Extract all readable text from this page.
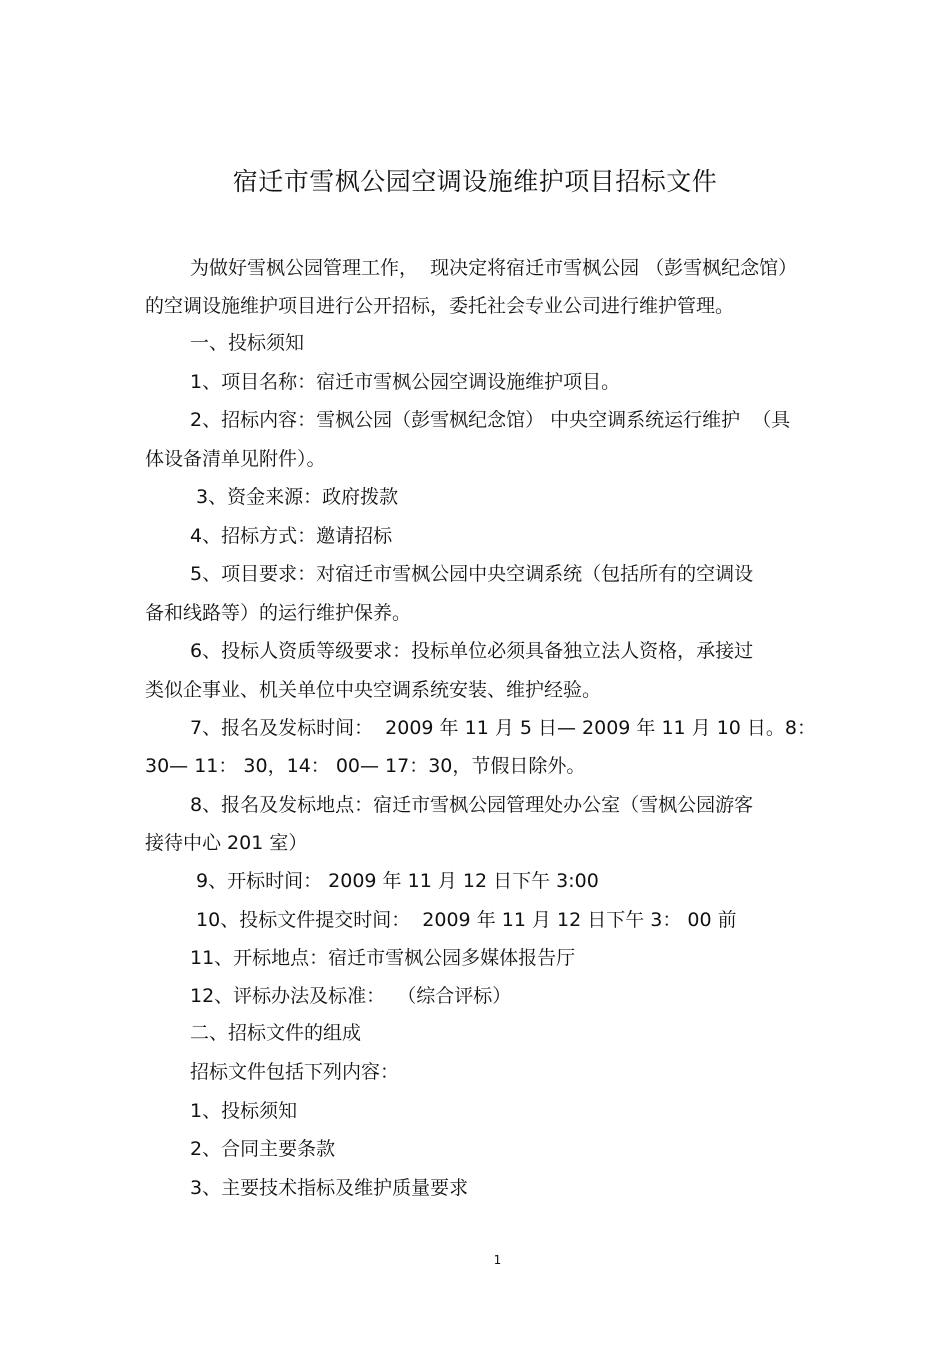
宿迁市雪枫公园空调设施维护项目招标文件
为做好雪枫公园管理工作，  现决定将宿迁市雪枫公园 （彭雪枫纪念馆）
的空调设施维护项目进行公开招标，委托社会专业公司进行维护管理。
一、投标须知
1、项目名称：宿迁市雪枫公园空调设施维护项目。
2、招标内容：雪枫公园（彭雪枫纪念馆） 中央空调系统运行维护  （具
体设备清单见附件）。
3、资金来源：政府拨款
4、招标方式：邀请招标
5、项目要求：对宿迁市雪枫公园中央空调系统（包括所有的空调设
备和线路等）的运行维护保养。
6、投标人资质等级要求：投标单位必须具备独立法人资格，承接过
类似企事业、机关单位中央空调系统安装、维护经验。
7、报名及发标时间：  2009 年 11 月 5 日— 2009 年 11 月 10 日。8：
30— 11： 30，14： 00— 17：30，节假日除外。
8、报名及发标地点：宿迁市雪枫公园管理处办公室（雪枫公园游客
接待中心 201 室）
9、开标时间： 2009 年 11 月 12 日下午 3:00
10、投标文件提交时间：  2009 年 11 月 12 日下午 3： 00 前
11、开标地点：宿迁市雪枫公园多媒体报告厅
12、评标办法及标准：  （综合评标）
二、招标文件的组成
招标文件包括下列内容：
1、投标须知
2、合同主要条款
3、主要技术指标及维护质量要求
1
